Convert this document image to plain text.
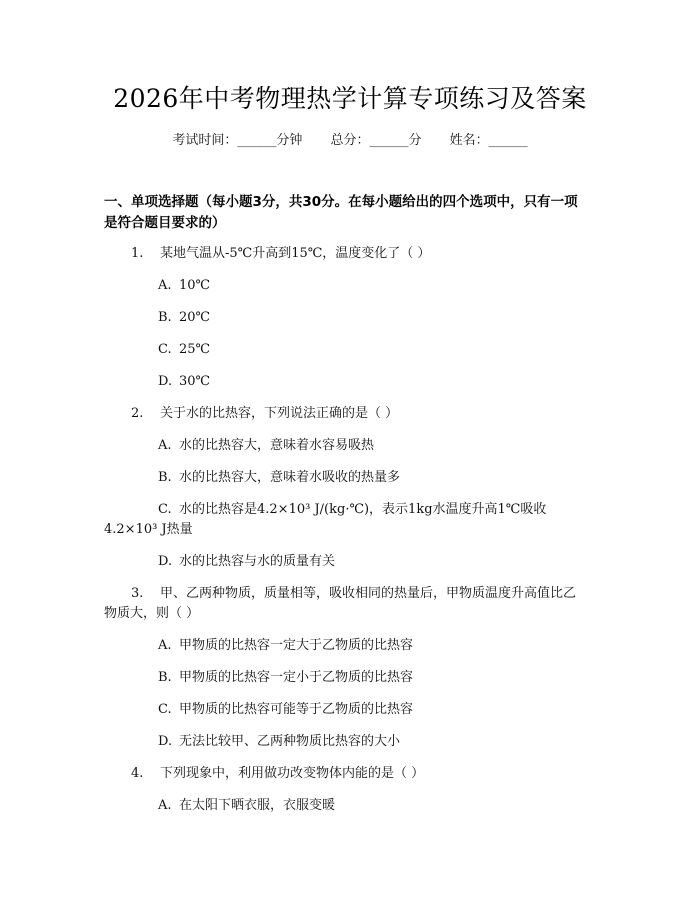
2026年中考物理热学计算专项练习及答案
考试时间：______分钟 总分：______分 姓名：______
一、单项选择题（每小题3分，共30分。在每小题给出的四个选项中，只有一项
是符合题目要求的）
1. 某地气温从-5℃升高到15℃，温度变化了（ ）
A. 10℃
B. 20℃
C. 25℃
D. 30℃
2. 关于水的比热容，下列说法正确的是（ ）
A. 水的比热容大，意味着水容易吸热
B. 水的比热容大，意味着水吸收的热量多
C. 水的比热容是4.2×10³ J/(kg·℃)，表示1kg水温度升高1℃吸收
4.2×10³ J热量
D. 水的比热容与水的质量有关
3. 甲、乙两种物质，质量相等，吸收相同的热量后，甲物质温度升高值比乙
物质大，则（ ）
A. 甲物质的比热容一定大于乙物质的比热容
B. 甲物质的比热容一定小于乙物质的比热容
C. 甲物质的比热容可能等于乙物质的比热容
D. 无法比较甲、乙两种物质比热容的大小
4. 下列现象中，利用做功改变物体内能的是（ ）
A. 在太阳下晒衣服，衣服变暖
